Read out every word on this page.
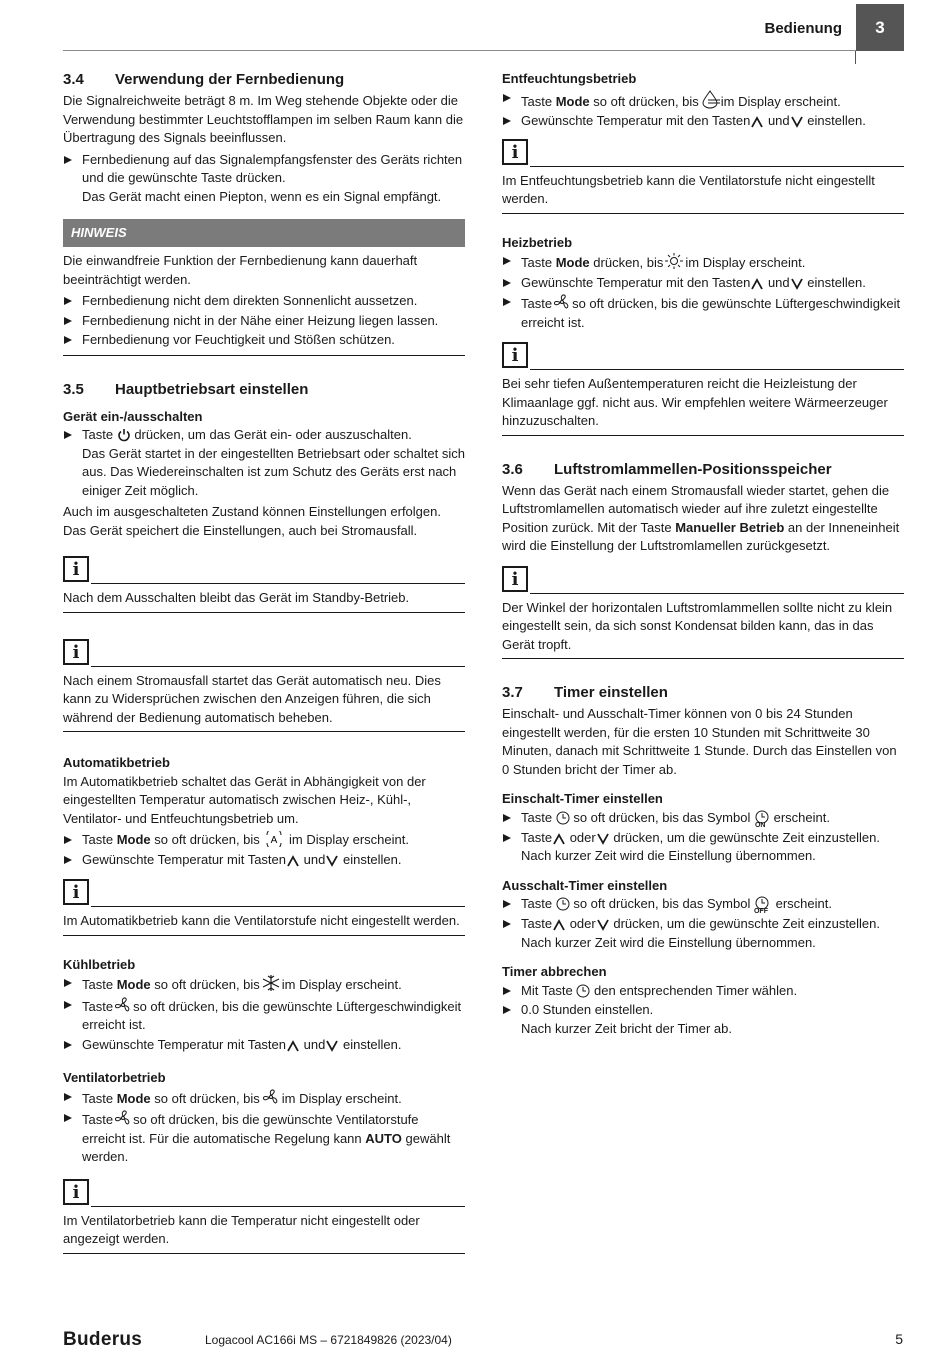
Bedienung	3
3.4 Verwendung der Fernbedienung

Die Signalreichweite beträgt 8 m. Im Weg stehende Objekte oder die Verwendung bestimmter Leuchtstofflampen im selben Raum kann die Übertragung des Signals beeinflussen.

Fernbedienung auf das Signalempfangsfenster des Geräts richten und die gewünschte Taste drücken.
Das Gerät macht einen Piepton, wenn es ein Signal empfängt.
HINWEIS

Die einwandfreie Funktion der Fernbedienung kann dauerhaft beeinträchtigt werden.

Fernbedienung nicht dem direkten Sonnenlicht aussetzen.
Fernbedienung nicht in der Nähe einer Heizung liegen lassen.
Fernbedienung vor Feuchtigkeit und Stößen schützen.
3.5 Hauptbetriebsart einstellen
Gerät ein-/ausschalten
Taste drücken, um das Gerät ein- oder auszuschalten.
Das Gerät startet in der eingestellten Betriebsart oder schaltet sich aus. Das Wiedereinschalten ist zum Schutz des Geräts erst nach einiger Zeit möglich.

Auch im ausgeschalteten Zustand können Einstellungen erfolgen. Das Gerät speichert die Einstellungen, auch bei Stromausfall.

i
Nach dem Ausschalten bleibt das Gerät im Standby-Betrieb.
i
Nach einem Stromausfall startet das Gerät automatisch neu. Dies kann zu Widersprüchen zwischen den Anzeigen führen, die sich während der Bedienung automatisch beheben.
Automatikbetrieb

Im Automatikbetrieb schaltet das Gerät in Abhängigkeit von der eingestellten Temperatur automatisch zwischen Heiz-, Kühl-, Ventilator- und Entfeuchtungsbetrieb um.

Taste Mode so oft drücken, bis A im Display erscheint.
Gewünschte Temperatur mit Tasten und einstellen.
i
Im Automatikbetrieb kann die Ventilatorstufe nicht eingestellt werden.
Kühlbetrieb
Taste Mode so oft drücken, bis im Display erscheint.
Taste so oft drücken, bis die gewünschte Lüftergeschwindigkeit erreicht ist.
Gewünschte Temperatur mit Tasten und einstellen.
Ventilatorbetrieb
Taste Mode so oft drücken, bis im Display erscheint.
Taste so oft drücken, bis die gewünschte Ventilatorstufe erreicht ist. Für die automatische Regelung kann AUTO gewählt werden.
i
Im Ventilatorbetrieb kann die Temperatur nicht eingestellt oder angezeigt werden.
Entfeuchtungsbetrieb
Taste Mode so oft drücken, bis im Display erscheint.
Gewünschte Temperatur mit den Tasten und einstellen.
i
Im Entfeuchtungsbetrieb kann die Ventilatorstufe nicht eingestellt werden.
Heizbetrieb
Taste Mode drücken, bis im Display erscheint.
Gewünschte Temperatur mit den Tasten und einstellen.
Taste so oft drücken, bis die gewünschte Lüftergeschwindigkeit erreicht ist.
i
Bei sehr tiefen Außentemperaturen reicht die Heizleistung der Klimaanlage ggf. nicht aus. Wir empfehlen weitere Wärmeerzeuger hinzuzuschalten.
3.6 Luftstromlammellen-Positionsspeicher

Wenn das Gerät nach einem Stromausfall wieder startet, gehen die Luftstromlamellen automatisch wieder auf ihre zuletzt eingestellte Position zurück. Mit der Taste Manueller Betrieb an der Inneneinheit wird die Einstellung der Luftstromlamellen zurückgesetzt.

i
Der Winkel der horizontalen Luftstromlammellen sollte nicht zu klein eingestellt sein, da sich sonst Kondensat bilden kann, das in das Gerät tropft.
3.7 Timer einstellen

Einschalt- und Ausschalt-Timer können von 0 bis 24 Stunden eingestellt werden, für die ersten 10 Stunden mit Schrittweite 30 Minuten, danach mit Schrittweite 1 Stunde. Durch das Einstellen von 0 Stunden bricht der Timer ab.

Einschalt-Timer einstellen
Taste so oft drücken, bis das Symbol
ON
erscheint.
Taste oder drücken, um die gewünschte Zeit einzustellen.
Nach kurzer Zeit wird die Einstellung übernommen.
Ausschalt-Timer einstellen
Taste so oft drücken, bis das Symbol
OFF
erscheint.
Taste oder drücken, um die gewünschte Zeit einzustellen.
Nach kurzer Zeit wird die Einstellung übernommen.
Timer abbrechen
Mit Taste den entsprechenden Timer wählen.
0.0 Stunden einstellen.
Nach kurzer Zeit bricht der Timer ab.
Buderus	Logacool AC166i MS – 6721849826 (2023/04)	5
